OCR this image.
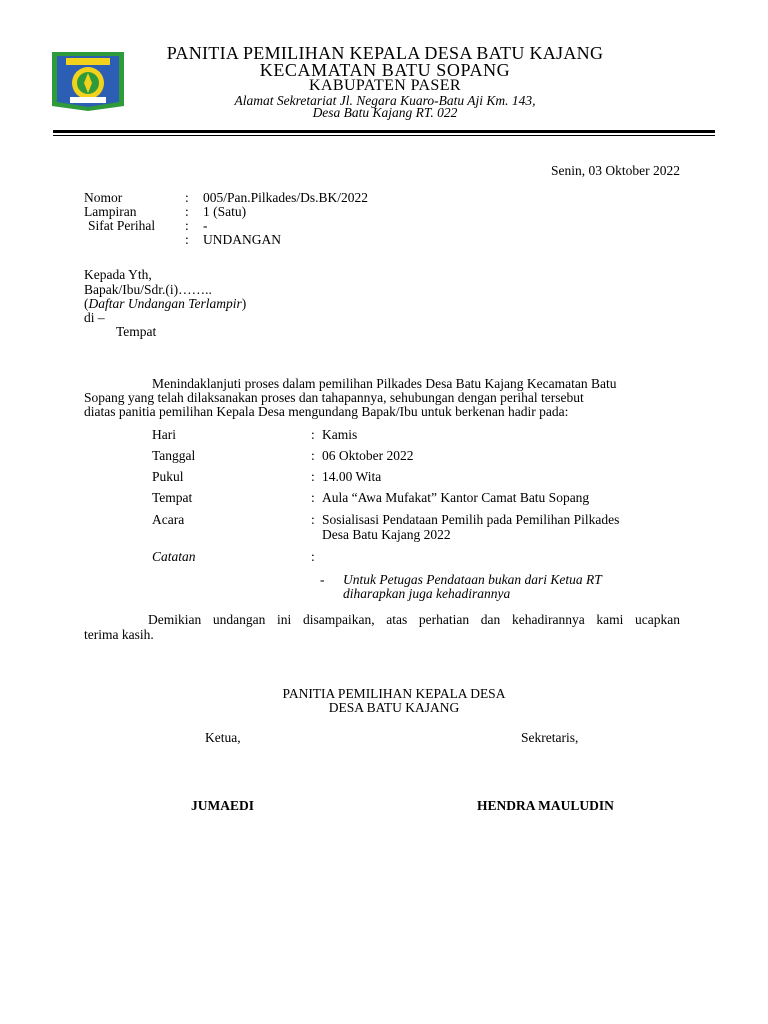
PANITIA PEMILIHAN KEPALA DESA BATU KAJANG
KECAMATAN BATU SOPANG
KABUPATEN PASER
Alamat Sekretariat Jl. Negara Kuaro-Batu Aji Km. 143,
Desa Batu Kajang RT. 022
Senin, 03 Oktober 2022
Nomor	: 005/Pan.Pilkades/Ds.BK/2022
Lampiran	: 1 (Satu)
Sifat Perihal : -
: UNDANGAN
Kepada Yth,
Bapak/Ibu/Sdr.(i)……..
(Daftar Undangan Terlampir)
di –
Tempat
Menindaklanjuti proses dalam pemilihan Pilkades Desa Batu Kajang Kecamatan Batu
Sopang yang telah dilaksanakan proses dan tahapannya, sehubungan dengan perihal tersebut
diatas panitia pemilihan Kepala Desa mengundang Bapak/Ibu untuk berkenan hadir pada:
Hari	: Kamis
Tanggal	: 06 Oktober 2022
Pukul	: 14.00 Wita
Tempat	: Aula “Awa Mufakat” Kantor Camat Batu Sopang
Acara	: Sosialisasi Pendataan Pemilih pada Pemilihan Pilkades
Desa Batu Kajang 2022
Catatan	:
- Untuk Petugas Pendataan bukan dari Ketua RT
diharapkan juga kehadirannya
Demikian undangan ini disampaikan, atas perhatian dan kehadirannya kami ucapkan
terima kasih.
PANITIA PEMILIHAN KEPALA DESA
DESA BATU KAJANG
Ketua,	Sekretaris,
JUMAEDI	HENDRA MAULUDIN
